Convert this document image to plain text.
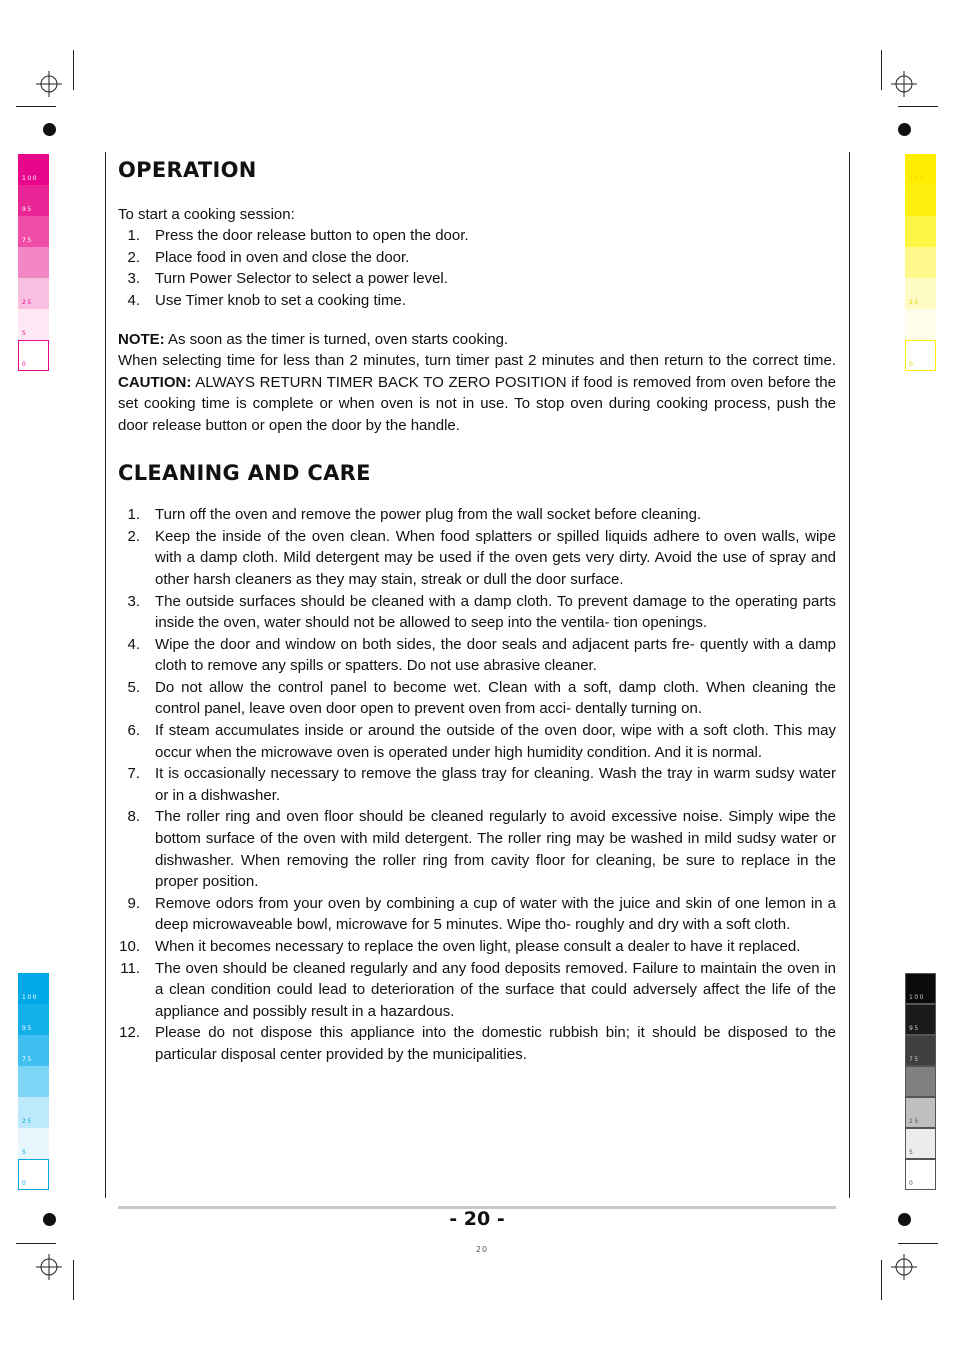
100
95
75
25
5
0
100
25
0
100
95
75
25
5
0
100
95
75
25
5
0
OPERATION

To start a cooking session:

1. Press the door release button to open the door.
2. Place food in oven and close the door.
3. Turn Power Selector to select a power level.
4. Use Timer knob to set a cooking time.

NOTE: As soon as the timer is turned, oven starts cooking.

When selecting time for less than 2 minutes, turn timer past 2 minutes and then return to the correct time. CAUTION: ALWAYS RETURN TIMER BACK TO ZERO POSITION if food is removed from oven before the set cooking time is complete or when oven is not in use. To stop oven during cooking process, push the door release button or open the door by the handle.

CLEANING AND CARE
1. Turn off the oven and remove the power plug from the wall socket before cleaning.
2. Keep the inside of the oven clean. When food splatters or spilled liquids adhere to oven walls, wipe with a damp cloth. Mild detergent may be used if the oven gets very dirty. Avoid the use of spray and other harsh cleaners as they may stain, streak or dull the door surface.
3. The outside surfaces should be cleaned with a damp cloth. To prevent damage to the operating parts inside the oven, water should not be allowed to seep into the ventila- tion openings.
4. Wipe the door and window on both sides, the door seals and adjacent parts fre- quently with a damp cloth to remove any spills or spatters. Do not use abrasive cleaner.
5. Do not allow the control panel to become wet. Clean with a soft, damp cloth. When cleaning the control panel, leave oven door open to prevent oven from acci- dentally turning on.
6. If steam accumulates inside or around the outside of the oven door, wipe with a soft cloth. This may occur when the microwave oven is operated under high humidity condition. And it is normal.
7. It is occasionally necessary to remove the glass tray for cleaning. Wash the tray in warm sudsy water or in a dishwasher.
8. The roller ring and oven floor should be cleaned regularly to avoid excessive noise. Simply wipe the bottom surface of the oven with mild detergent. The roller ring may be washed in mild sudsy water or dishwasher. When removing the roller ring from cavity floor for cleaning, be sure to replace in the proper position.
9. Remove odors from your oven by combining a cup of water with the juice and skin of one lemon in a deep microwaveable bowl, microwave for 5 minutes. Wipe tho- roughly and dry with a soft cloth.
10. When it becomes necessary to replace the oven light, please consult a dealer to have it replaced.
11. The oven should be cleaned regularly and any food deposits removed. Failure to maintain the oven in a clean condition could lead to deterioration of the surface that could adversely affect the life of the appliance and possibly result in a hazardous.
12. Please do not dispose this appliance into the domestic rubbish bin; it should be disposed to the particular disposal center provided by the municipalities.
- 20 -
20
